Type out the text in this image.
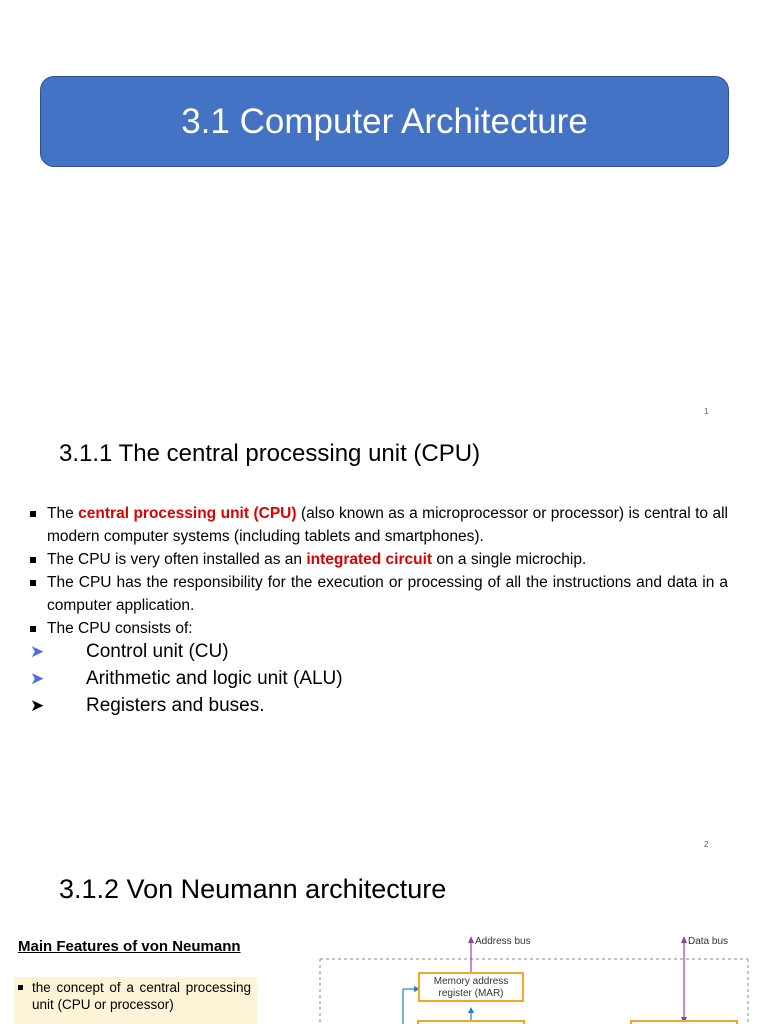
3.1 Computer Architecture
1
3.1.1 The central processing unit (CPU)
The central processing unit (CPU) (also known as a microprocessor or processor) is central to all modern computer systems (including tablets and smartphones).
The CPU is very often installed as an integrated circuit on a single microchip.
The CPU has the responsibility for the execution or processing of all the instructions and data in a computer application.
The CPU consists of:
➤ Control unit (CU)
➤ Arithmetic and logic unit (ALU)
➤ Registers and buses.
2
3.1.2 Von Neumann architecture
Main Features of von Neumann
the concept of a central processing unit (CPU or processor)
Address bus	Data bus
Memory address register (MAR)
